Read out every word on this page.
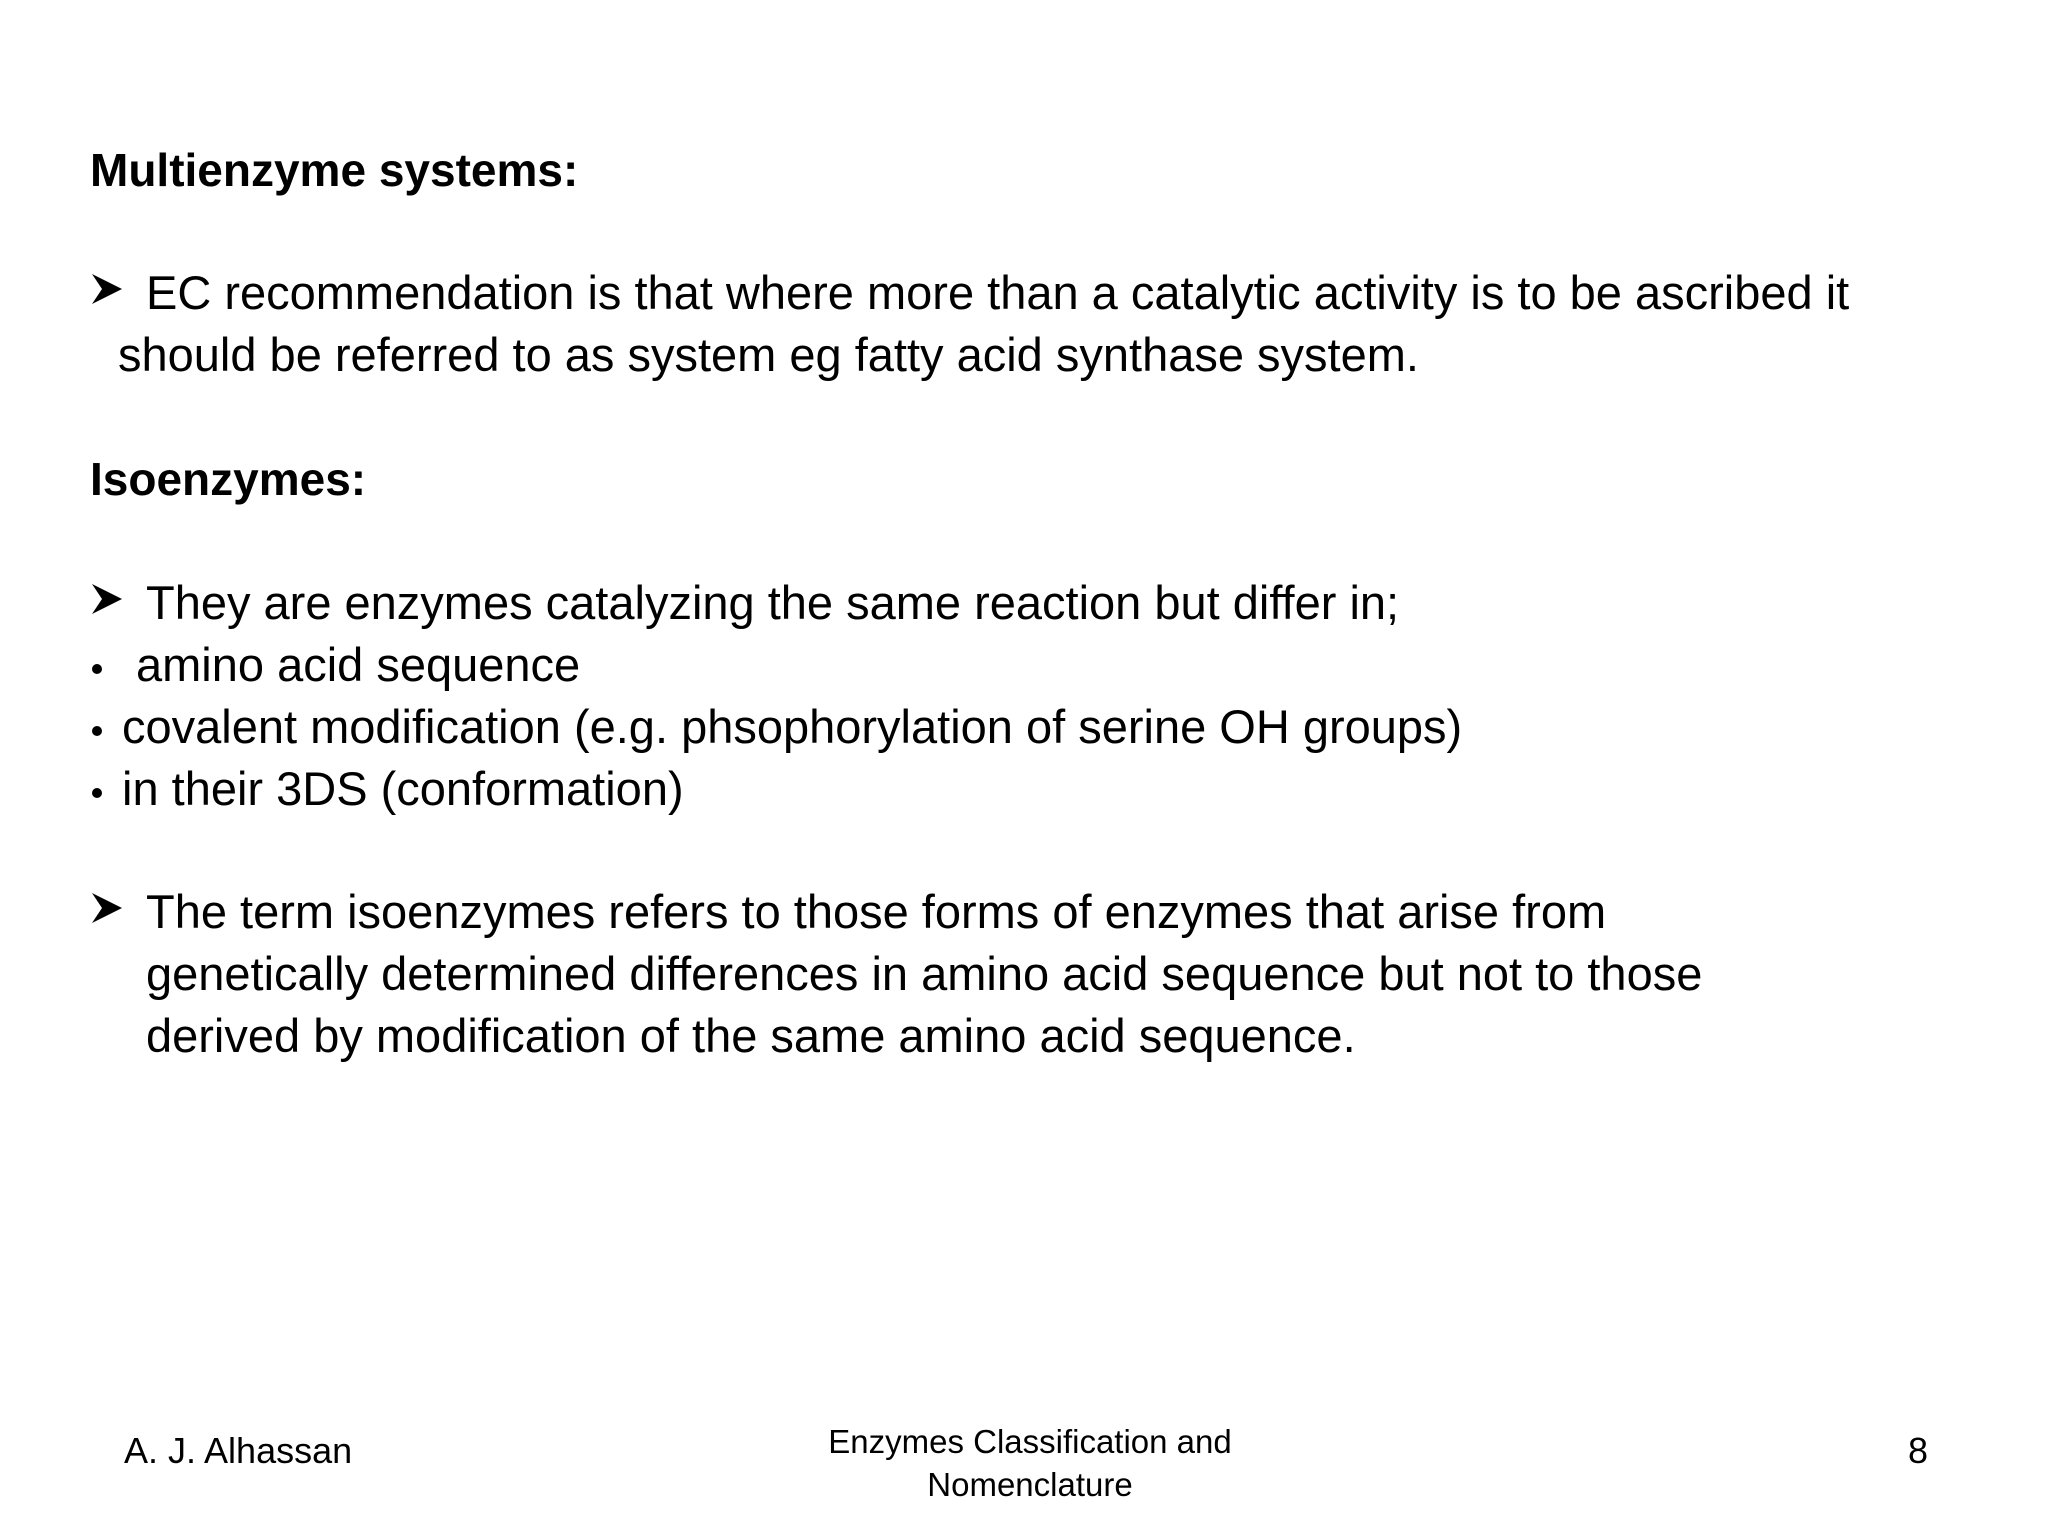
Multienzyme systems:
EC recommendation is that where more than a catalytic activity is to be ascribed it
should be referred to as system eg fatty acid synthase system.
Isoenzymes:
They are enzymes catalyzing the same reaction but differ in;
amino acid sequence
covalent modification (e.g. phsophorylation of serine OH groups)
in their 3DS (conformation)
The term isoenzymes refers to those forms of enzymes that arise from
genetically determined differences in amino acid sequence but not to those
derived by modification of the same amino acid sequence.
A. J. Alhassan	Enzymes Classification and
Nomenclature
8
